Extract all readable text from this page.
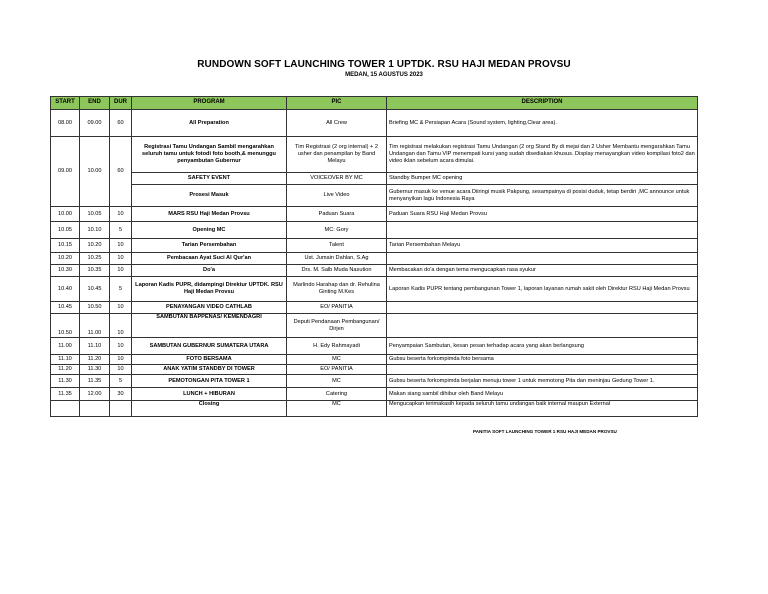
RUNDOWN SOFT LAUNCHING TOWER 1 UPTDK. RSU HAJI MEDAN PROVSU
MEDAN, 15 AGUSTUS 2023
START	END	DUR	PROGRAM	PIC	DESCRIPTION
08.00	09.00	60	All Preparation	All Crew	Briefing MC & Persiapan Acara (Sound system, lighting,Clear area).
09.00	10.00	60	Registrasi Tamu Undangan Sambil mengarahkan seluruh tamu untuk fotodi foto booth,& menunggu penyambutan Gubernur	Tim Registrasi (2 org internal) + 2 usher dan penampilan by Band Melayu	Tim registrasi melakukan registrasi Tamu Undangan (2 org Stand By di mejai dan 2 Usher Membantu mengarahkan Tamu Undangan dan Tamu VIP menempati kursi yang sudah disediakan khusus. Display menayangkan video kompilasi foto2 dan video iklan sebelum acara dimulai.
			SAFETY EVENT	VOICEOVER BY MC	Standby Bumper MC opening
			Prosesi Masuk	Live Video	Gubernur masuk ke venue acara Diiringi musik Pakpung, sesampainya di posisi duduk, tetap berdiri ,MC announce untuk menyanyikan lagu Indonesia Raya
10.00	10.05	10	MARS RSU Haji Medan Provsu	Paduan Suara	Paduan Suara RSU Haji Medan Provsu
10.05	10.10	5	Opening MC	MC: Gory	
10.15	10.20	10	Tarian Persembahan	Talent	Tarian Persembahan Melayu
10.20	10.25	10	Pembacaan Ayat Suci Al Qur'an	Ust. Jumain Dahlan, S.Ag	
10.30	10.35	10	Do'a	Drs. M. Salb Muda Nasution	Membacakan do'a dengan tema mengucapkan rasa syukur
10.40	10.45	5	Laporan Kadis PUPR, didampingi Direktur UPTDK. RSU Haji Medan Provsu	Marlindo Harahap dan dr. Rehulina Ginting M.Kes	Laporan Kadis PUPR tentang pembangunan Tower 1, laporan layanan rumah sakit oleh Direktur RSU Haji Medan Provsu
10.45	10.50	10	PENAYANGAN VIDEO CATHLAB	EO/ PANITIA	
10.50	11.00	10	SAMBUTAN BAPPENAS/ KEMENDAGRI	Deputi Pendanaan Pembangunan/ Dirjen	
11.00	11.10	10	SAMBUTAN GUBERNUR SUMATERA UTARA	H. Edy Rahmayadi	Penyampaian Sambutan, kesan pesan terhadap acara yang akan berlangsung
11.10	11.20	10	FOTO BERSAMA	MC	Gubsu beserta forkompimda foto bersama
11.20	11.30	10	ANAK YATIM STANDBY DI TOWER	EO/ PANITIA	
11.30	11.35	5	PEMOTONGAN PITA TOWER 1	MC	Gubsu beserta forkompimda berjalan menuju tower 1 untuk memotong Pita dan meninjau Gedung Tower 1.
11.35	12.00	30	LUNCH + HIBURAN	Catering	Makan siang sambil dihibur oleh Band Melayu
			Closing	MC	Mengucapkan terimakasih kepada seluruh tamu undangan baik internal maupun External
PANITIA SOFT LAUNCHING TOWER 1 RSU HAJI MEDAN PROVSU
